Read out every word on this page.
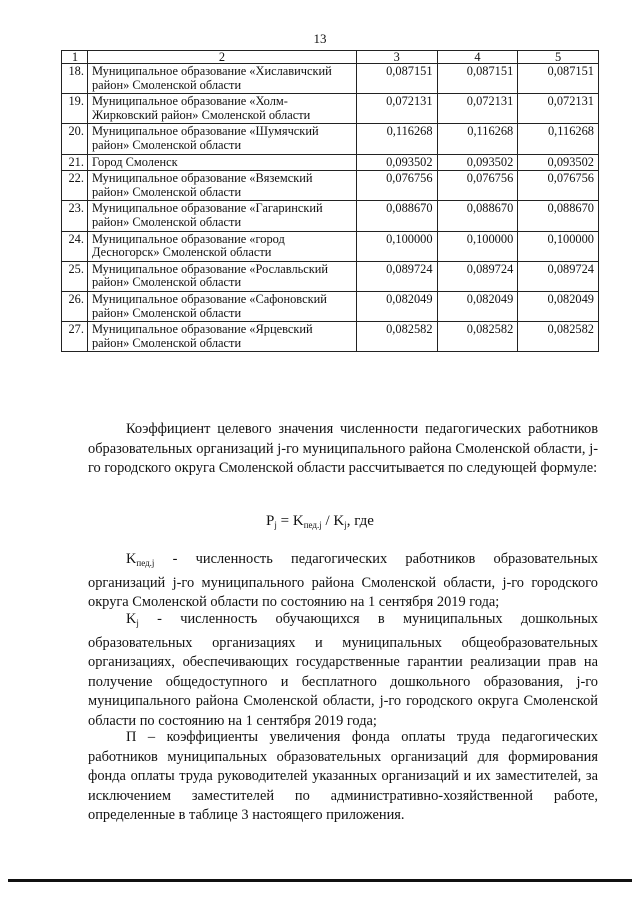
13
1	2	3	4	5
18.	Муниципальное образование «Хиславичский район» Смоленской области	0,087151	0,087151	0,087151
19.	Муниципальное образование «Холм-Жирковский район» Смоленской области	0,072131	0,072131	0,072131
20.	Муниципальное образование «Шумячский район» Смоленской области	0,116268	0,116268	0,116268
21.	Город Смоленск	0,093502	0,093502	0,093502
22.	Муниципальное образование «Вяземский район» Смоленской области	0,076756	0,076756	0,076756
23.	Муниципальное образование «Гагаринский район» Смоленской области	0,088670	0,088670	0,088670
24.	Муниципальное образование «город Десногорск» Смоленской области	0,100000	0,100000	0,100000
25.	Муниципальное образование «Рославльский район» Смоленской области	0,089724	0,089724	0,089724
26.	Муниципальное образование «Сафоновский район» Смоленской области	0,082049	0,082049	0,082049
27.	Муниципальное образование «Ярцевский район» Смоленской области	0,082582	0,082582	0,082582

Коэффициент целевого значения численности педагогических работников образовательных организаций j-го муниципального района Смоленской области, j-го городского округа Смоленской области рассчитывается по следующей формуле:

$P_j = K_{пед.j} / K_j$, где

$K_{пед.j}$ - численность педагогических работников образовательных организаций j-го муниципального района Смоленской области, j-го городского округа Смоленской области по состоянию на 1 сентября 2019 года;

$K_j$ - численность обучающихся в муниципальных дошкольных образовательных организациях и муниципальных общеобразовательных организациях, обеспечивающих государственные гарантии реализации прав на получение общедоступного и бесплатного дошкольного образования, j-го муниципального района Смоленской области, j-го городского округа Смоленской области по состоянию на 1 сентября 2019 года;

П – коэффициенты увеличения фонда оплаты труда педагогических работников муниципальных образовательных организаций для формирования фонда оплаты труда руководителей указанных организаций и их заместителей, за исключением заместителей по административно-хозяйственной работе, определенные в таблице 3 настоящего приложения.
